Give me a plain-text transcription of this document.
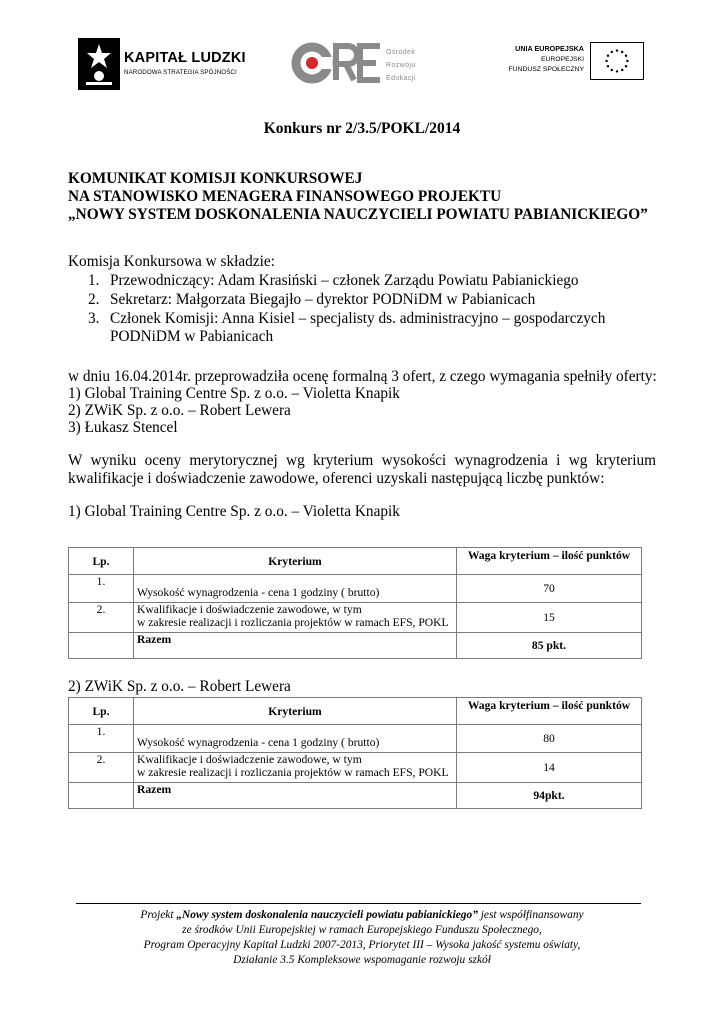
KAPITAŁ LUDZKI
NARODOWA STRATEGIA SPÓJNOŚCI
Ośrodek
Rozwoju
Edukacji
UNIA EUROPEJSKA
EUROPEJSKI
FUNDUSZ SPOŁECZNY
Konkurs nr 2/3.5/POKL/2014
KOMUNIKAT KOMISJI KONKURSOWEJ
NA STANOWISKO MENAGERA FINANSOWEGO PROJEKTU
„NOWY SYSTEM DOSKONALENIA NAUCZYCIELI POWIATU PABIANICKIEGO”
Komisja Konkursowa w składzie:
1. Przewodniczący: Adam Krasiński – członek Zarządu Powiatu Pabianickiego
2. Sekretarz: Małgorzata Biegajło – dyrektor PODNiDM w Pabianicach
3. Członek Komisji: Anna Kisiel – specjalisty ds. administracyjno – gospodarczych
PODNiDM w Pabianicach
w dniu 16.04.2014r. przeprowadziła ocenę formalną 3 ofert, z czego wymagania spełniły oferty:
1) Global Training Centre Sp. z o.o. – Violetta Knapik
2) ZWiK Sp. z o.o. – Robert Lewera
3) Łukasz Stencel
W wyniku oceny merytorycznej wg kryterium wysokości wynagrodzenia i wg kryterium
kwalifikacje i doświadczenie zawodowe, oferenci uzyskali następującą liczbę punktów:
1) Global Training Centre Sp. z o.o. – Violetta Knapik
Lp.	Kryterium	Waga kryterium – ilość punktów
1.	Wysokość wynagrodzenia - cena 1 godziny ( brutto)	70
2.	Kwalifikacje i doświadczenie zawodowe, w tym
w zakresie realizacji i rozliczania projektów w ramach EFS, POKL	15
	Razem	85 pkt.
2) ZWiK Sp. z o.o. – Robert Lewera
Lp.	Kryterium	Waga kryterium – ilość punktów
1.	Wysokość wynagrodzenia - cena 1 godziny ( brutto)	80
2.	Kwalifikacje i doświadczenie zawodowe, w tym
w zakresie realizacji i rozliczania projektów w ramach EFS, POKL	14
	Razem	94pkt.
Projekt „Nowy system doskonalenia nauczycieli powiatu pabianickiego” jest współfinansowany
ze środków Unii Europejskiej w ramach Europejskiego Funduszu Społecznego,
Program Operacyjny Kapitał Ludzki 2007-2013, Priorytet III – Wysoka jakość systemu oświaty,
Działanie 3.5 Kompleksowe wspomaganie rozwoju szkół
